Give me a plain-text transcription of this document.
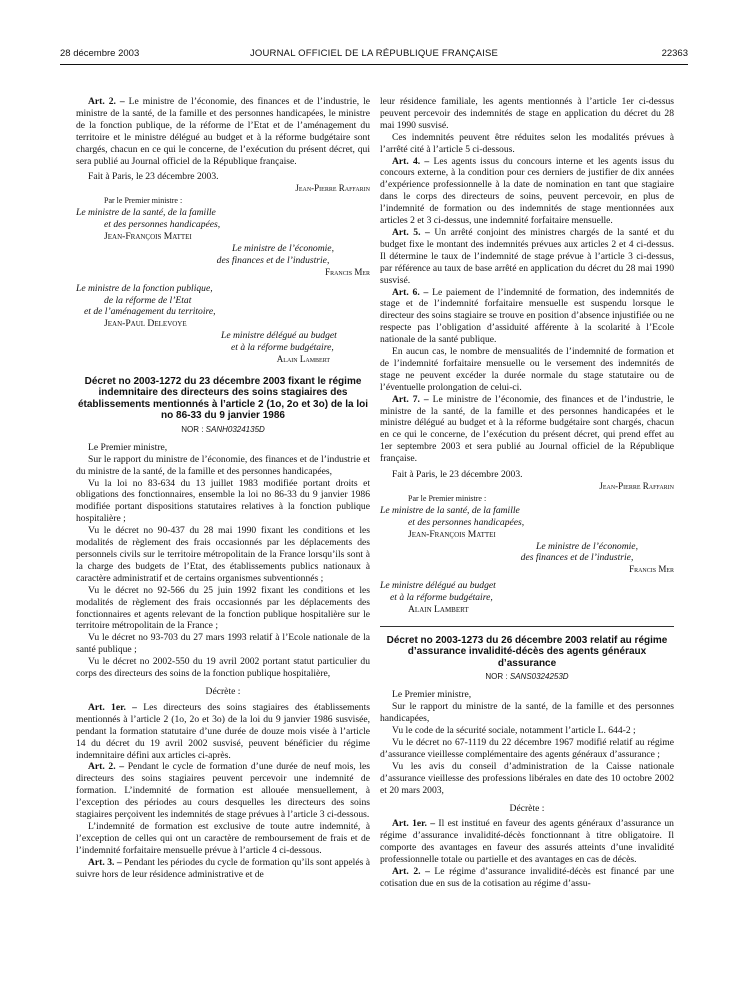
28 décembre 2003	JOURNAL OFFICIEL DE LA RÉPUBLIQUE FRANÇAISE	22363

Art. 2. – Le ministre de l’économie, des finances et de l’industrie, le ministre de la santé, de la famille et des personnes handicapées, le ministre de la fonction publique, de la réforme de l’Etat et de l’aménagement du territoire et le ministre délégué au budget et à la réforme budgétaire sont chargés, chacun en ce qui le concerne, de l’exécution du présent décret, qui sera publié au Journal officiel de la République française.

Fait à Paris, le 23 décembre 2003.

Jean-Pierre Raffarin

Par le Premier ministre :

Le ministre de la santé, de la famille

et des personnes handicapées,

Jean-François Mattei

Le ministre de l’économie,

des finances et de l’industrie,

Francis Mer

Le ministre de la fonction publique,

de la réforme de l’Etat

et de l’aménagement du territoire,

Jean-Paul Delevoye

Le ministre délégué au budget

et à la réforme budgétaire,

Alain Lambert

Décret no 2003-1272 du 23 décembre 2003 fixant le régime indemnitaire des directeurs des soins stagiaires des établissements mentionnés à l’article 2 (1o, 2o et 3o) de la loi no 86-33 du 9 janvier 1986

NOR : SANH0324135D

Le Premier ministre,

Sur le rapport du ministre de l’économie, des finances et de l’industrie et du ministre de la santé, de la famille et des personnes handicapées,

Vu la loi no 83-634 du 13 juillet 1983 modifiée portant droits et obligations des fonctionnaires, ensemble la loi no 86-33 du 9 janvier 1986 modifiée portant dispositions statutaires relatives à la fonction publique hospitalière ;

Vu le décret no 90-437 du 28 mai 1990 fixant les conditions et les modalités de règlement des frais occasionnés par les déplacements des personnels civils sur le territoire métropolitain de la France lorsqu’ils sont à la charge des budgets de l’Etat, des établissements publics nationaux à caractère administratif et de certains organismes subventionnés ;

Vu le décret no 92-566 du 25 juin 1992 fixant les conditions et les modalités de règlement des frais occasionnés par les déplacements des fonctionnaires et agents relevant de la fonction publique hospitalière sur le territoire métropolitain de la France ;

Vu le décret no 93-703 du 27 mars 1993 relatif à l’Ecole nationale de la santé publique ;

Vu le décret no 2002-550 du 19 avril 2002 portant statut particulier du corps des directeurs des soins de la fonction publique hospitalière,

Décrète :

Art. 1er. – Les directeurs des soins stagiaires des établissements mentionnés à l’article 2 (1o, 2o et 3o) de la loi du 9 janvier 1986 susvisée, pendant la formation statutaire d’une durée de douze mois visée à l’article 14 du décret du 19 avril 2002 susvisé, peuvent bénéficier du régime indemnitaire défini aux articles ci-après.

Art. 2. – Pendant le cycle de formation d’une durée de neuf mois, les directeurs des soins stagiaires peuvent percevoir une indemnité de formation. L’indemnité de formation est allouée mensuellement, à l’exception des périodes au cours desquelles les directeurs des soins stagiaires perçoivent les indemnités de stage prévues à l’article 3 ci-dessous.

L’indemnité de formation est exclusive de toute autre indemnité, à l’exception de celles qui ont un caractère de remboursement de frais et de l’indemnité forfaitaire mensuelle prévue à l’article 4 ci-dessous.

Art. 3. – Pendant les périodes du cycle de formation qu’ils sont appelés à suivre hors de leur résidence administrative et de

leur résidence familiale, les agents mentionnés à l’article 1er ci-dessus peuvent percevoir des indemnités de stage en application du décret du 28 mai 1990 susvisé.

Ces indemnités peuvent être réduites selon les modalités prévues à l’arrêté cité à l’article 5 ci-dessous.

Art. 4. – Les agents issus du concours interne et les agents issus du concours externe, à la condition pour ces derniers de justifier de dix années d’expérience professionnelle à la date de nomination en tant que stagiaire dans le corps des directeurs de soins, peuvent percevoir, en plus de l’indemnité de formation ou des indemnités de stage mentionnées aux articles 2 et 3 ci-dessus, une indemnité forfaitaire mensuelle.

Art. 5. – Un arrêté conjoint des ministres chargés de la santé et du budget fixe le montant des indemnités prévues aux articles 2 et 4 ci-dessus. Il détermine le taux de l’indemnité de stage prévue à l’article 3 ci-dessus, par référence au taux de base arrêté en application du décret du 28 mai 1990 susvisé.

Art. 6. – Le paiement de l’indemnité de formation, des indemnités de stage et de l’indemnité forfaitaire mensuelle est suspendu lorsque le directeur des soins stagiaire se trouve en position d’absence injustifiée ou ne respecte pas l’obligation d’assiduité afférente à la scolarité à l’Ecole nationale de la santé publique.

En aucun cas, le nombre de mensualités de l’indemnité de formation et de l’indemnité forfaitaire mensuelle ou le versement des indemnités de stage ne peuvent excéder la durée normale du stage statutaire ou de l’éventuelle prolongation de celui-ci.

Art. 7. – Le ministre de l’économie, des finances et de l’industrie, le ministre de la santé, de la famille et des personnes handicapées et le ministre délégué au budget et à la réforme budgétaire sont chargés, chacun en ce qui le concerne, de l’exécution du présent décret, qui prend effet au 1er septembre 2003 et sera publié au Journal officiel de la République française.

Fait à Paris, le 23 décembre 2003.

Jean-Pierre Raffarin

Par le Premier ministre :

Le ministre de la santé, de la famille

et des personnes handicapées,

Jean-François Mattei

Le ministre de l’économie,

des finances et de l’industrie,

Francis Mer

Le ministre délégué au budget

et à la réforme budgétaire,

Alain Lambert

Décret no 2003-1273 du 26 décembre 2003 relatif au régime d’assurance invalidité-décès des agents généraux d’assurance

NOR : SANS0324253D

Le Premier ministre,

Sur le rapport du ministre de la santé, de la famille et des personnes handicapées,

Vu le code de la sécurité sociale, notamment l’article L. 644-2 ;

Vu le décret no 67-1119 du 22 décembre 1967 modifié relatif au régime d’assurance vieillesse complémentaire des agents généraux d’assurance ;

Vu les avis du conseil d’administration de la Caisse nationale d’assurance vieillesse des professions libérales en date des 10 octobre 2002 et 20 mars 2003,

Décrète :

Art. 1er. – Il est institué en faveur des agents généraux d’assurance un régime d’assurance invalidité-décès fonctionnant à titre obligatoire. Il comporte des avantages en faveur des assurés atteints d’une invalidité professionnelle totale ou partielle et des avantages en cas de décès.

Art. 2. – Le régime d’assurance invalidité-décès est financé par une cotisation due en sus de la cotisation au régime d’assu-
